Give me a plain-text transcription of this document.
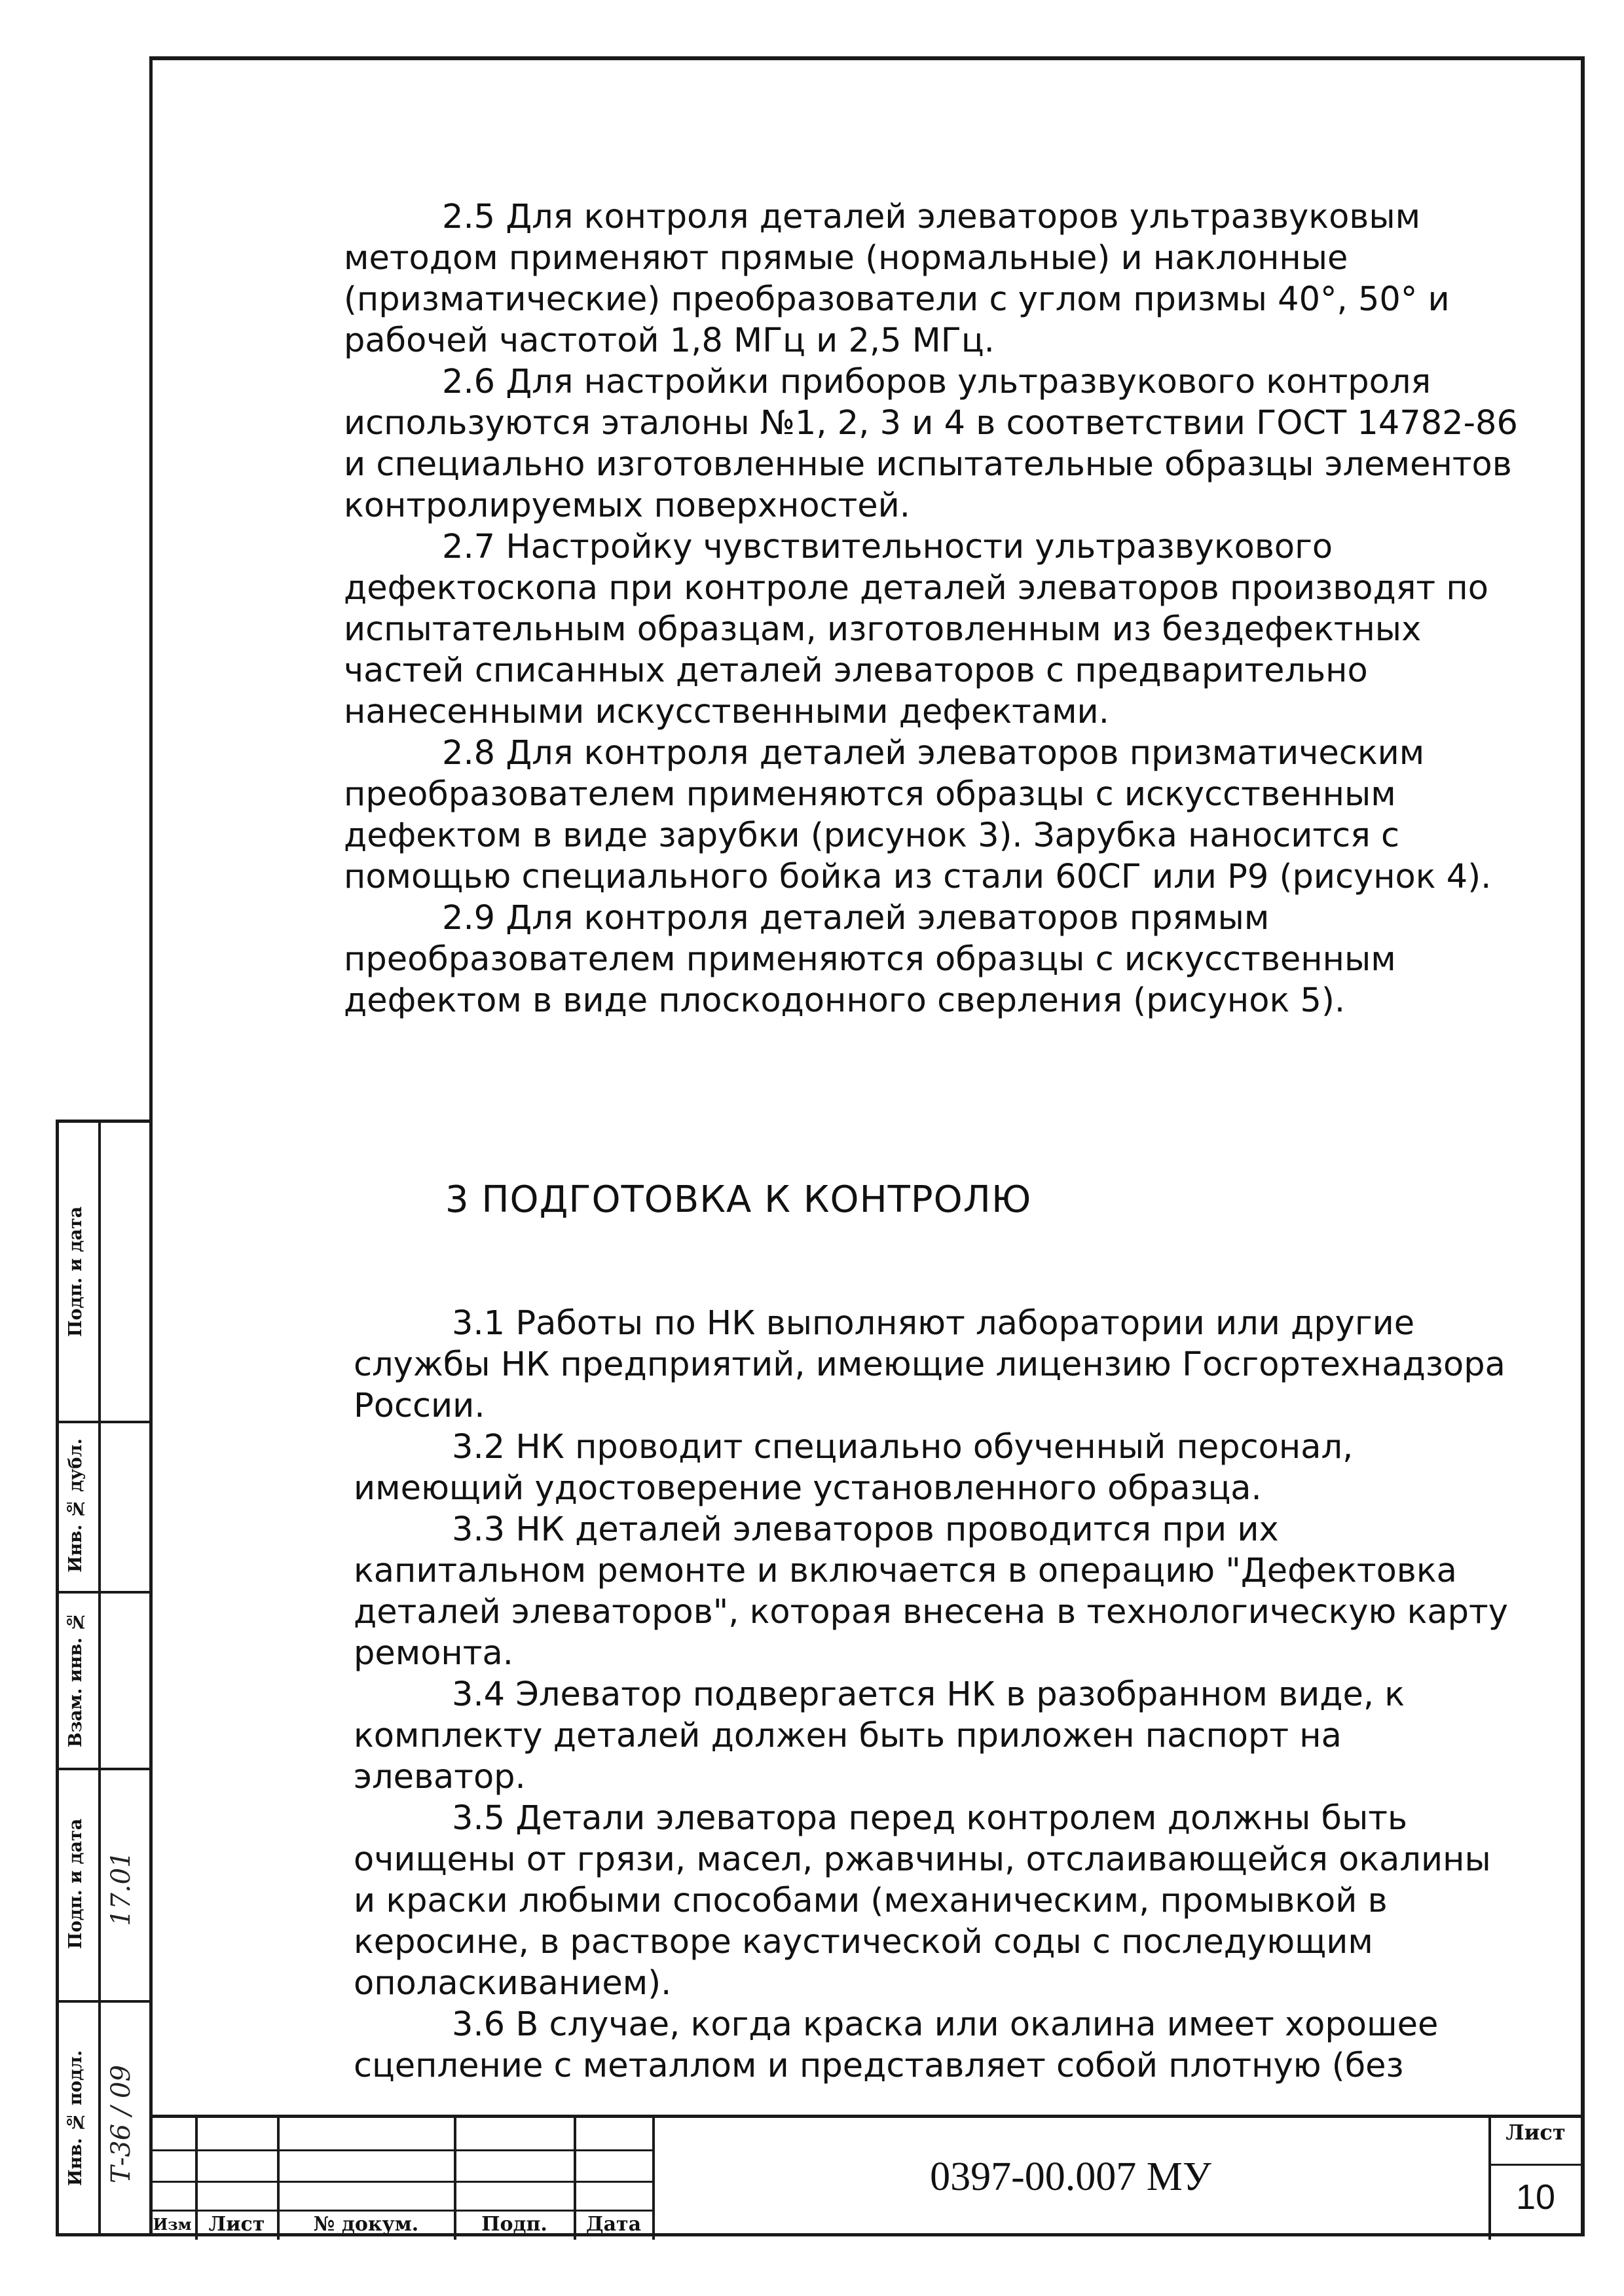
2.5 Для контроля деталей элеваторов ультразвуковым методом применяют прямые (нормальные) и наклонные (призматические) преобразователи с углом призмы 40°, 50° и рабочей частотой 1,8 МГц и 2,5 МГц.

2.6 Для настройки приборов ультразвукового контроля используются эталоны №1, 2, 3 и 4 в соответствии ГОСТ 14782-86 и специально изготовленные испытательные образцы элементов контролируемых поверхностей.

2.7 Настройку чувствительности ультразвукового дефектоскопа при контроле деталей элеваторов производят по испытательным образцам, изготовленным из бездефектных частей списанных деталей элеваторов с предварительно нанесенными искусственными дефектами.

2.8 Для контроля деталей элеваторов призматическим преобразователем применяются образцы с искусственным дефектом в виде зарубки (рисунок 3). Зарубка наносится с помощью специального бойка из стали 60СГ или Р9 (рисунок 4).

2.9 Для контроля деталей элеваторов прямым преобразователем применяются образцы с искусственным дефектом в виде плоскодонного сверления (рисунок 5).

3 ПОДГОТОВКА К КОНТРОЛЮ

3.1 Работы по НК выполняют лаборатории или другие службы НК предприятий, имеющие лицензию Госгортехнадзора России.

3.2 НК проводит специально обученный персонал, имеющий удостоверение установленного образца.

3.3 НК деталей элеваторов проводится при их капитальном ремонте и включается в операцию "Дефектовка деталей элеваторов", которая внесена в технологическую карту ремонта.

3.4 Элеватор подвергается НК в разобранном виде, к комплекту деталей должен быть приложен паспорт на элеватор.

3.5 Детали элеватора перед контролем должны быть очищены от грязи, масел, ржавчины, отслаивающейся окалины и краски любыми способами (механическим, промывкой в керосине, в растворе каустической соды с последующим ополаскиванием).

3.6 В случае, когда краска или окалина имеет хорошее сцепление с металлом и представляет собой плотную (без

Подп. и дата
Инв. № дубл.
Взам. инв. №
Подп. и дата
Инв. № подл.
17.01
Т-36 / 09
Изм Лист	№ докум.	Подп.	Дата
0397-00.007 МУ
Лист
10
